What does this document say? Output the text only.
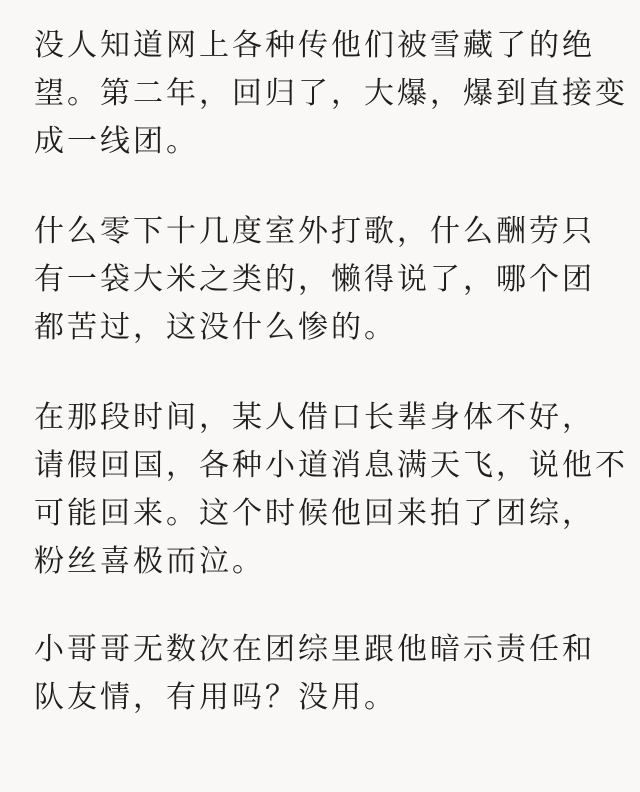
没人知道网上各种传他们被雪藏了的绝
望。第二年，回归了，大爆，爆到直接变
成一线团。
什么零下十几度室外打歌，什么酬劳只
有一袋大米之类的，懒得说了，哪个团
都苦过，这没什么惨的。
在那段时间，某人借口长辈身体不好，
请假回国，各种小道消息满天飞，说他不
可能回来。这个时候他回来拍了团综，
粉丝喜极而泣。
小哥哥无数次在团综里跟他暗示责任和
队友情，有用吗？没用。
